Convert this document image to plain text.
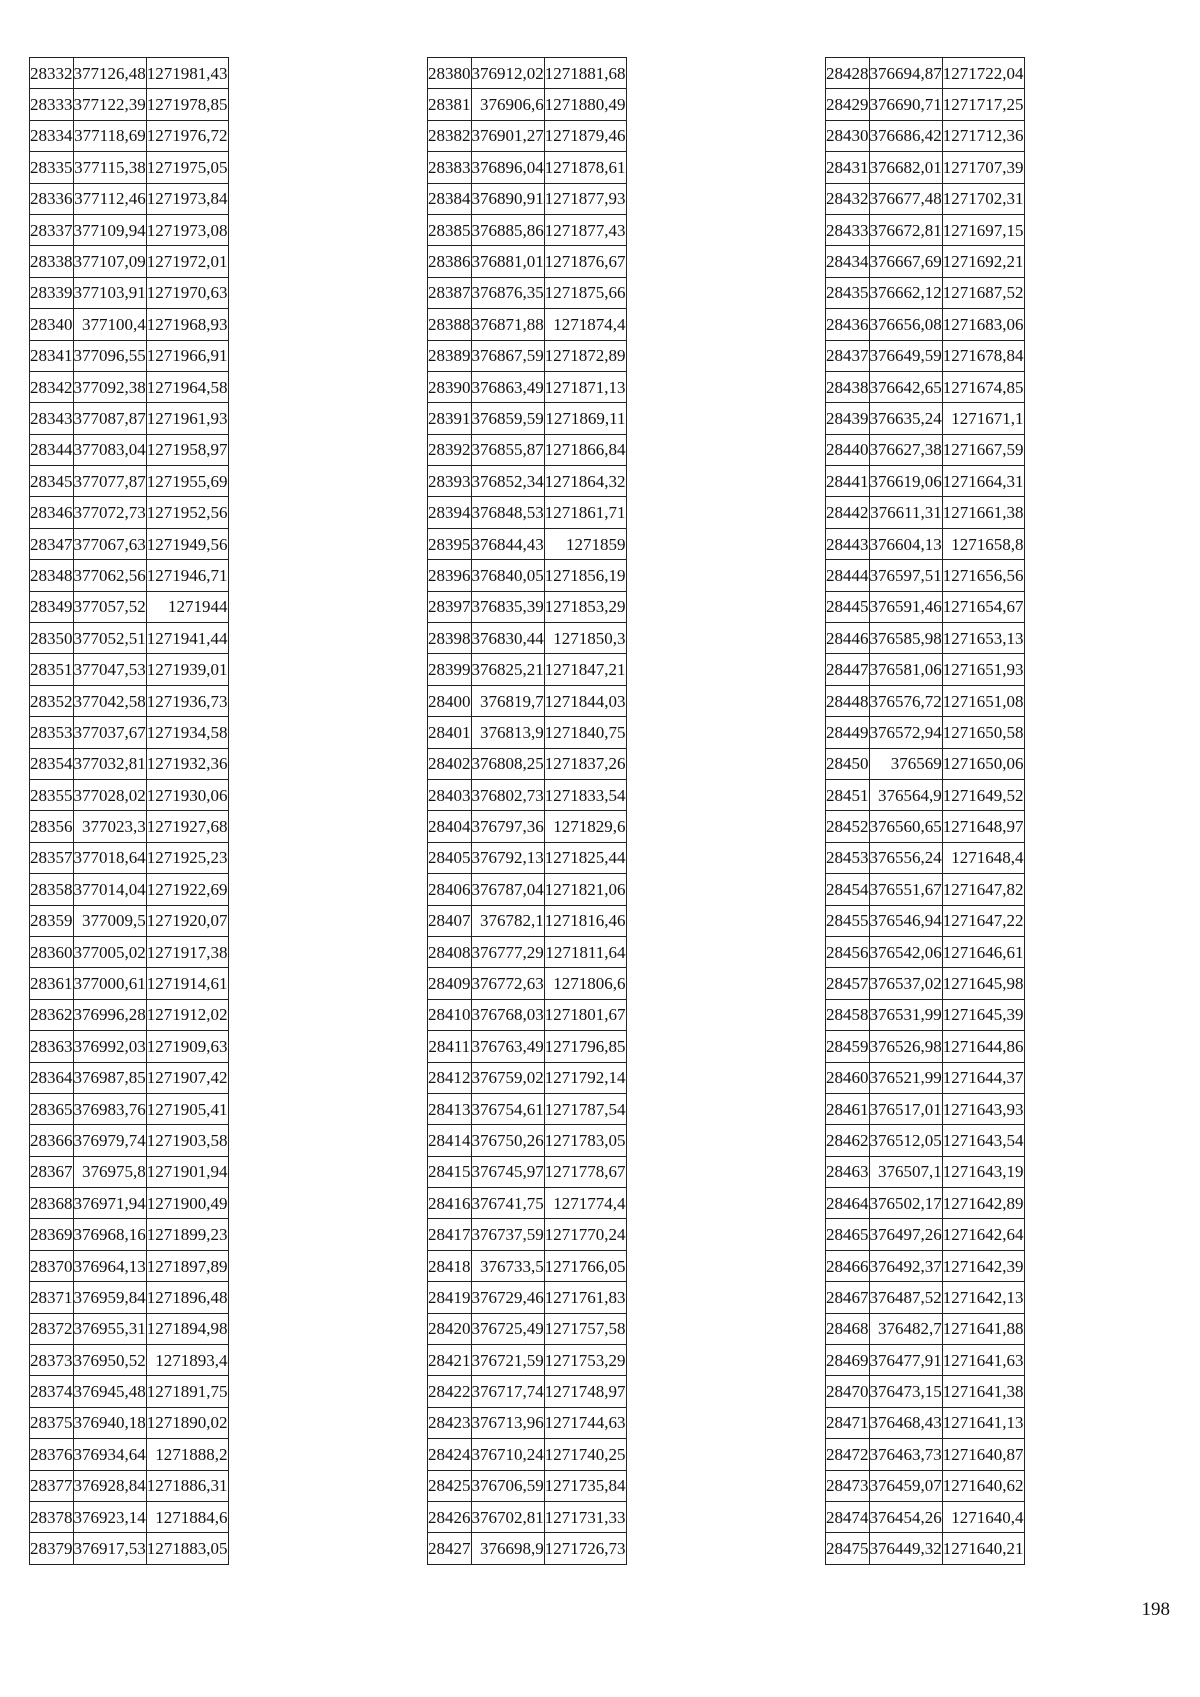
28332	377126,48	1271981,43
28333	377122,39	1271978,85
28334	377118,69	1271976,72
28335	377115,38	1271975,05
28336	377112,46	1271973,84
28337	377109,94	1271973,08
28338	377107,09	1271972,01
28339	377103,91	1271970,63
28340	377100,4	1271968,93
28341	377096,55	1271966,91
28342	377092,38	1271964,58
28343	377087,87	1271961,93
28344	377083,04	1271958,97
28345	377077,87	1271955,69
28346	377072,73	1271952,56
28347	377067,63	1271949,56
28348	377062,56	1271946,71
28349	377057,52	1271944
28350	377052,51	1271941,44
28351	377047,53	1271939,01
28352	377042,58	1271936,73
28353	377037,67	1271934,58
28354	377032,81	1271932,36
28355	377028,02	1271930,06
28356	377023,3	1271927,68
28357	377018,64	1271925,23
28358	377014,04	1271922,69
28359	377009,5	1271920,07
28360	377005,02	1271917,38
28361	377000,61	1271914,61
28362	376996,28	1271912,02
28363	376992,03	1271909,63
28364	376987,85	1271907,42
28365	376983,76	1271905,41
28366	376979,74	1271903,58
28367	376975,8	1271901,94
28368	376971,94	1271900,49
28369	376968,16	1271899,23
28370	376964,13	1271897,89
28371	376959,84	1271896,48
28372	376955,31	1271894,98
28373	376950,52	1271893,4
28374	376945,48	1271891,75
28375	376940,18	1271890,02
28376	376934,64	1271888,2
28377	376928,84	1271886,31
28378	376923,14	1271884,6
28379	376917,53	1271883,05
28380	376912,02	1271881,68
28381	376906,6	1271880,49
28382	376901,27	1271879,46
28383	376896,04	1271878,61
28384	376890,91	1271877,93
28385	376885,86	1271877,43
28386	376881,01	1271876,67
28387	376876,35	1271875,66
28388	376871,88	1271874,4
28389	376867,59	1271872,89
28390	376863,49	1271871,13
28391	376859,59	1271869,11
28392	376855,87	1271866,84
28393	376852,34	1271864,32
28394	376848,53	1271861,71
28395	376844,43	1271859
28396	376840,05	1271856,19
28397	376835,39	1271853,29
28398	376830,44	1271850,3
28399	376825,21	1271847,21
28400	376819,7	1271844,03
28401	376813,9	1271840,75
28402	376808,25	1271837,26
28403	376802,73	1271833,54
28404	376797,36	1271829,6
28405	376792,13	1271825,44
28406	376787,04	1271821,06
28407	376782,1	1271816,46
28408	376777,29	1271811,64
28409	376772,63	1271806,6
28410	376768,03	1271801,67
28411	376763,49	1271796,85
28412	376759,02	1271792,14
28413	376754,61	1271787,54
28414	376750,26	1271783,05
28415	376745,97	1271778,67
28416	376741,75	1271774,4
28417	376737,59	1271770,24
28418	376733,5	1271766,05
28419	376729,46	1271761,83
28420	376725,49	1271757,58
28421	376721,59	1271753,29
28422	376717,74	1271748,97
28423	376713,96	1271744,63
28424	376710,24	1271740,25
28425	376706,59	1271735,84
28426	376702,81	1271731,33
28427	376698,9	1271726,73
28428	376694,87	1271722,04
28429	376690,71	1271717,25
28430	376686,42	1271712,36
28431	376682,01	1271707,39
28432	376677,48	1271702,31
28433	376672,81	1271697,15
28434	376667,69	1271692,21
28435	376662,12	1271687,52
28436	376656,08	1271683,06
28437	376649,59	1271678,84
28438	376642,65	1271674,85
28439	376635,24	1271671,1
28440	376627,38	1271667,59
28441	376619,06	1271664,31
28442	376611,31	1271661,38
28443	376604,13	1271658,8
28444	376597,51	1271656,56
28445	376591,46	1271654,67
28446	376585,98	1271653,13
28447	376581,06	1271651,93
28448	376576,72	1271651,08
28449	376572,94	1271650,58
28450	376569	1271650,06
28451	376564,9	1271649,52
28452	376560,65	1271648,97
28453	376556,24	1271648,4
28454	376551,67	1271647,82
28455	376546,94	1271647,22
28456	376542,06	1271646,61
28457	376537,02	1271645,98
28458	376531,99	1271645,39
28459	376526,98	1271644,86
28460	376521,99	1271644,37
28461	376517,01	1271643,93
28462	376512,05	1271643,54
28463	376507,1	1271643,19
28464	376502,17	1271642,89
28465	376497,26	1271642,64
28466	376492,37	1271642,39
28467	376487,52	1271642,13
28468	376482,7	1271641,88
28469	376477,91	1271641,63
28470	376473,15	1271641,38
28471	376468,43	1271641,13
28472	376463,73	1271640,87
28473	376459,07	1271640,62
28474	376454,26	1271640,4
28475	376449,32	1271640,21
198
